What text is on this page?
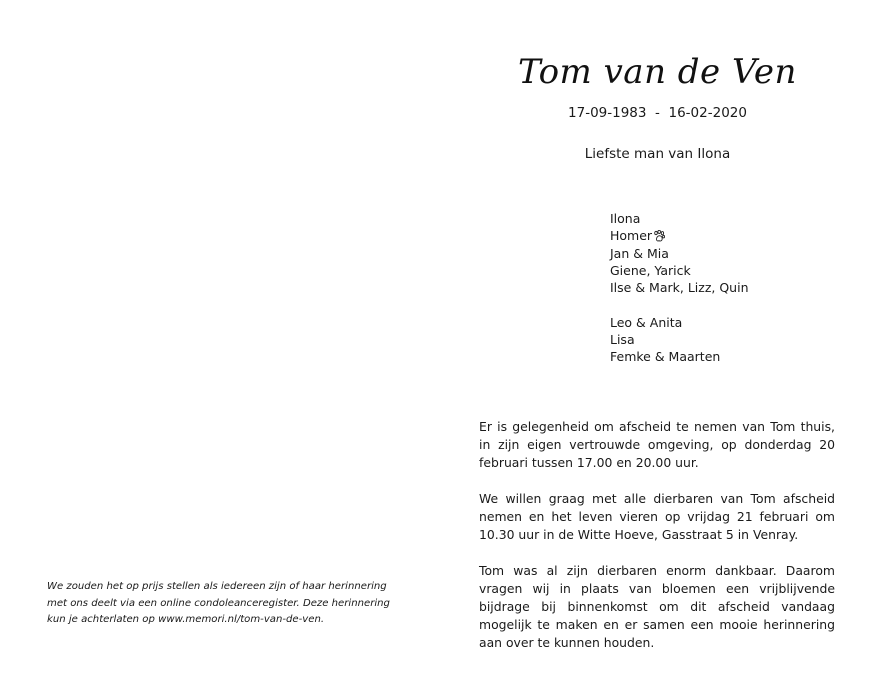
Tom van de Ven
17-09-1983  -  16-02-2020
Liefste man van Ilona
Ilona
Homer
Jan & Mia
Giene, Yarick
Ilse & Mark, Lizz, Quin
Leo & Anita
Lisa
Femke & Maarten

Er is gelegenheid om afscheid te nemen van Tom thuis, in zijn eigen vertrouwde omgeving, op donderdag 20 februari tussen 17.00 en 20.00 uur.

We willen graag met alle dierbaren van Tom afscheid nemen en het leven vieren op vrijdag 21 februari om 10.30 uur in de Witte Hoeve, Gasstraat 5 in Venray.

Tom was al zijn dierbaren enorm dankbaar. Daarom vragen wij in plaats van bloemen een vrijblijvende bijdrage bij binnenkomst om dit afscheid vandaag mogelijk te maken en er samen een mooie herinnering aan over te kunnen houden.

We zouden het op prijs stellen als iedereen zijn of haar herinnering met ons deelt via een online condoleanceregister. Deze herinnering kun je achterlaten op www.memori.nl/tom-van-de-ven.
